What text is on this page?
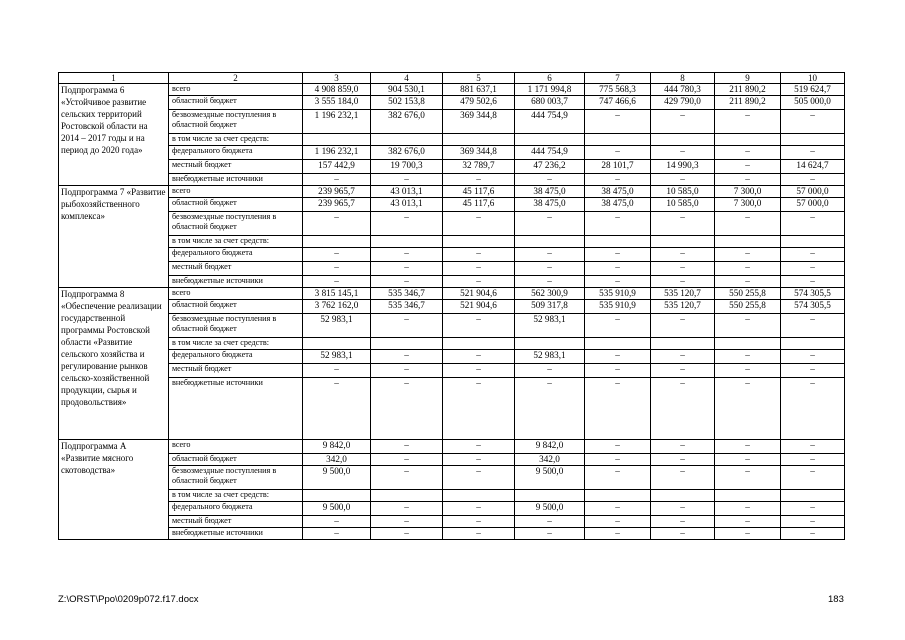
1	2	3	4	5	6	7	8	9	10
Подпрограмма 6 «Устойчивое развитие сельских территорий Ростовской области на 2014 – 2017 годы и на период до 2020 года»	всего	4 908 859,0	904 530,1	881 637,1	1 171 994,8	775 568,3	444 780,3	211 890,2	519 624,7
	областной бюджет	3 555 184,0	502 153,8	479 502,6	680 003,7	747 466,6	429 790,0	211 890,2	505 000,0
	безвозмездные поступления в областной бюджет	1 196 232,1	382 676,0	369 344,8	444 754,9	–	–	–	–
	в том числе за счет средств:								
	федерального бюджета	1 196 232,1	382 676,0	369 344,8	444 754,9	–	–	–	–
	местный бюджет	157 442,9	19 700,3	32 789,7	47 236,2	28 101,7	14 990,3	–	14 624,7
	внебюджетные источники	–	–	–	–	–	–	–	–
Подпрограмма 7 «Развитие рыбохозяйственного комплекса»	всего	239 965,7	43 013,1	45 117,6	38 475,0	38 475,0	10 585,0	7 300,0	57 000,0
	областной бюджет	239 965,7	43 013,1	45 117,6	38 475,0	38 475,0	10 585,0	7 300,0	57 000,0
	безвозмездные поступления в областной бюджет	–	–	–	–	–	–	–	–
	в том числе за счет средств:								
	федерального бюджета	–	–	–	–	–	–	–	–
	местный бюджет	–	–	–	–	–	–	–	–
	внебюджетные источники	–	–	–	–	–	–	–	–
Подпрограмма 8 «Обеспечение реализации государственной программы Ростовской области «Развитие сельского хозяйства и регулирование рынков сельско-хозяйственной продукции, сырья и продовольствия»	всего	3 815 145,1	535 346,7	521 904,6	562 300,9	535 910,9	535 120,7	550 255,8	574 305,5
	областной бюджет	3 762 162,0	535 346,7	521 904,6	509 317,8	535 910,9	535 120,7	550 255,8	574 305,5
	безвозмездные поступления в областной бюджет	52 983,1	–	–	52 983,1	–	–	–	–
	в том числе за счет средств:								
	федерального бюджета	52 983,1	–	–	52 983,1	–	–	–	–
	местный бюджет	–	–	–	–	–	–	–	–
	внебюджетные источники	–	–	–	–	–	–	–	–
Подпрограмма А «Развитие мясного скотоводства»	всего	9 842,0	–	–	9 842,0	–	–	–	–
	областной бюджет	342,0	–	–	342,0	–	–	–	–
	безвозмездные поступления в областной бюджет	9 500,0	–	–	9 500,0	–	–	–	–
	в том числе за счет средств:								
	федерального бюджета	9 500,0	–	–	9 500,0	–	–	–	–
	местный бюджет	–	–	–	–	–	–	–	–
	внебюджетные источники	–	–	–	–	–	–	–	–
Z:\ORST\Ppo\0209p072.f17.docx	183
